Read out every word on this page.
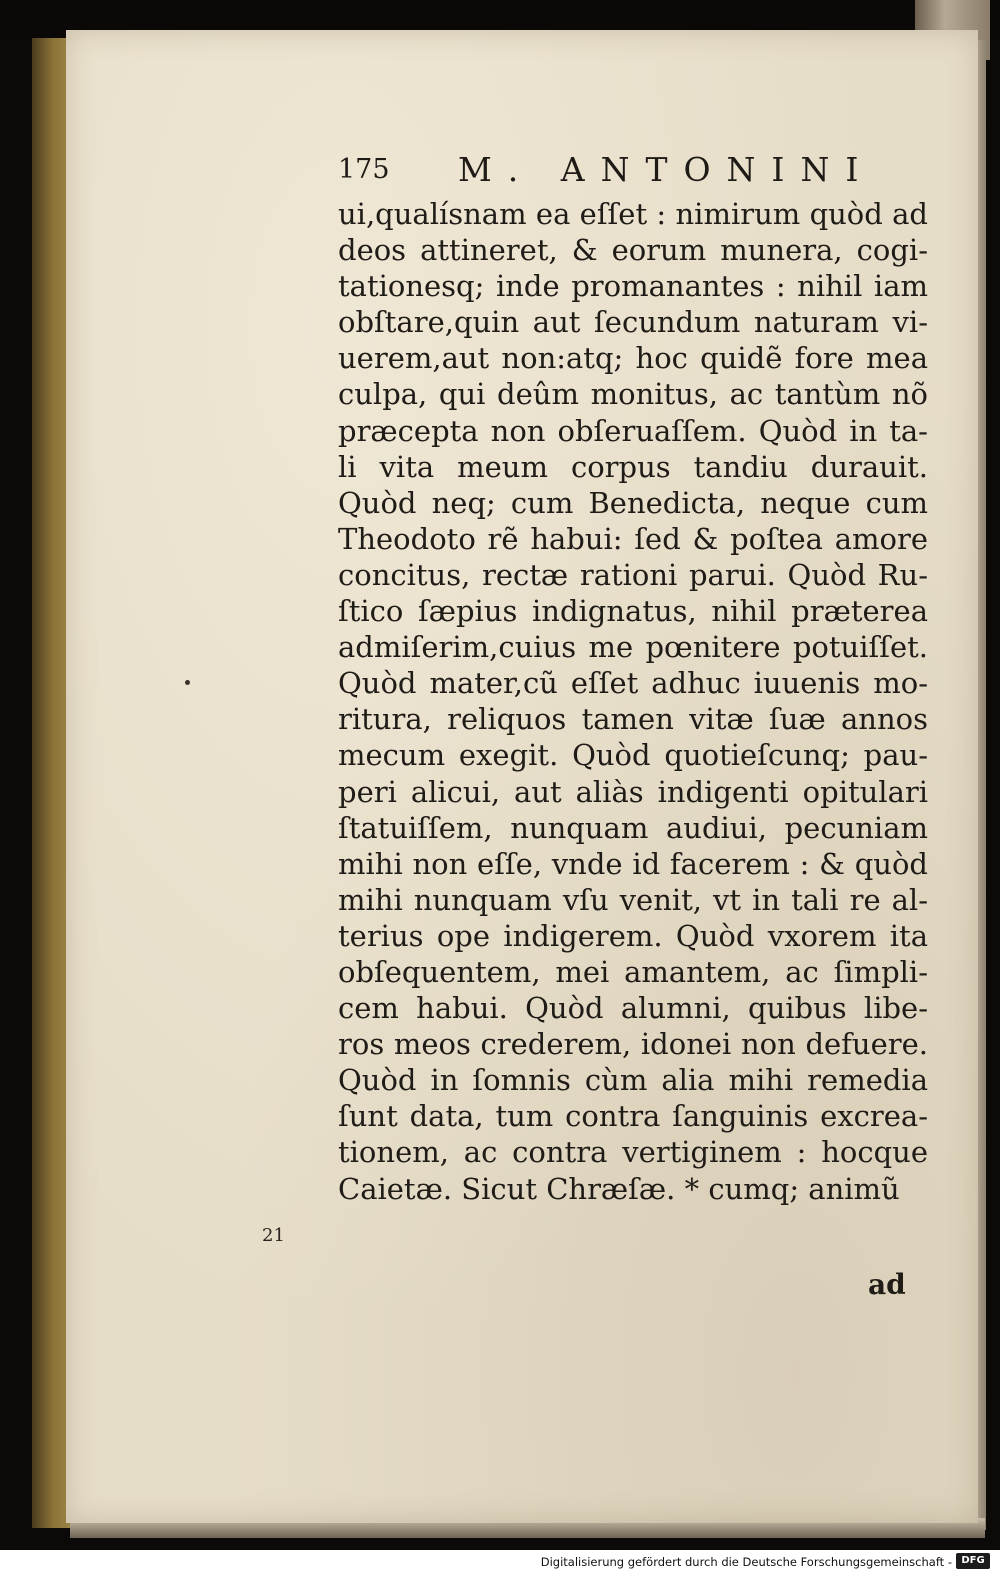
175 M. ANTONINI
ui,qualísnam ea eſſet : nimirum quòd ad
deos attineret, & eorum munera, cogi-
tationesq; inde promanantes : nihil iam
obſtare,quin aut ſecundum naturam vi-
uerem,aut non:atq; hoc quidẽ fore mea
culpa, qui deûm monitus, ac tantùm nõ
præcepta non obſeruaſſem. Quòd in ta-
li vita meum corpus tandiu durauit.
Quòd neq; cum Benedicta, neque cum
Theodoto rẽ habui: ſed & poſtea amore
concitus, rectæ rationi parui. Quòd Ru-
ſtico ſæpius indignatus, nihil præterea
admiſerim,cuius me pœnitere potuiſſet.
Quòd mater,cũ eſſet adhuc iuuenis mo-
ritura, reliquos tamen vitæ ſuæ annos
mecum exegit. Quòd quotieſcunq; pau-
peri alicui, aut aliàs indigenti opitulari
ſtatuiſſem, nunquam audiui, pecuniam
mihi non eſſe, vnde id facerem : & quòd
mihi nunquam vſu venit, vt in tali re al-
terius ope indigerem. Quòd vxorem ita
obſequentem, mei amantem, ac ſimpli-
cem habui. Quòd alumni, quibus libe-
ros meos crederem, idonei non defuere.
Quòd in ſomnis cùm alia mihi remedia
ſunt data, tum contra ſanguinis excrea-
tionem, ac contra vertiginem : hocque
Caietæ. Sicut Chræſæ. * cumq; animũ
21
ad
Digitalisierung gefördert durch die Deutsche Forschungsgemeinschaft - DFG
